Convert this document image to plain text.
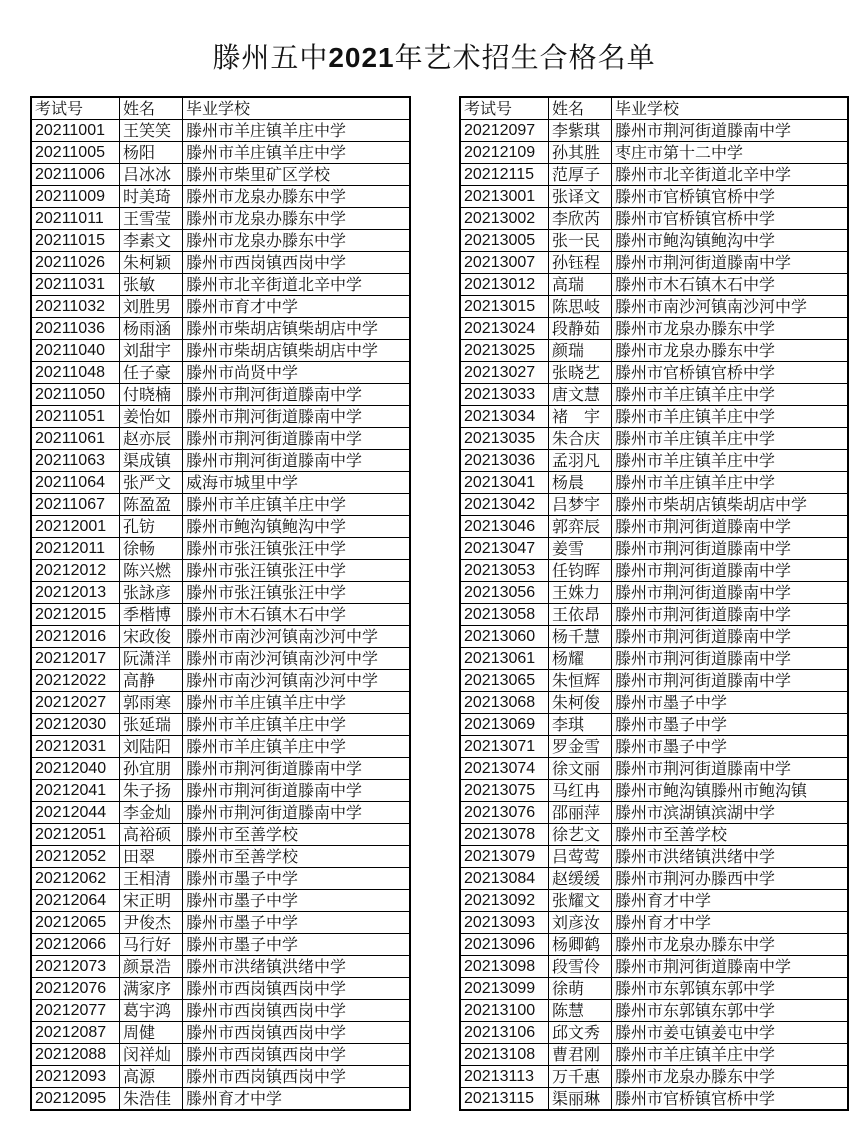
滕州五中2021年艺术招生合格名单
考试号	姓名	毕业学校
20211001	王笑笑	滕州市羊庄镇羊庄中学
20211005	杨阳	滕州市羊庄镇羊庄中学
20211006	吕冰冰	滕州市柴里矿区学校
20211009	时美琦	滕州市龙泉办滕东中学
20211011	王雪莹	滕州市龙泉办滕东中学
20211015	李素文	滕州市龙泉办滕东中学
20211026	朱柯颖	滕州市西岗镇西岗中学
20211031	张敏	滕州市北辛街道北辛中学
20211032	刘胜男	滕州市育才中学
20211036	杨雨涵	滕州市柴胡店镇柴胡店中学
20211040	刘甜宇	滕州市柴胡店镇柴胡店中学
20211048	任子豪	滕州市尚贤中学
20211050	付晓楠	滕州市荆河街道滕南中学
20211051	姜怡如	滕州市荆河街道滕南中学
20211061	赵亦辰	滕州市荆河街道滕南中学
20211063	渠成镇	滕州市荆河街道滕南中学
20211064	张严文	威海市城里中学
20211067	陈盈盈	滕州市羊庄镇羊庄中学
20212001	孔钫	滕州市鲍沟镇鲍沟中学
20212011	徐畅	滕州市张汪镇张汪中学
20212012	陈兴燃	滕州市张汪镇张汪中学
20212013	张詠彦	滕州市张汪镇张汪中学
20212015	季楷博	滕州市木石镇木石中学
20212016	宋政俊	滕州市南沙河镇南沙河中学
20212017	阮潇洋	滕州市南沙河镇南沙河中学
20212022	高静	滕州市南沙河镇南沙河中学
20212027	郭雨寒	滕州市羊庄镇羊庄中学
20212030	张延瑞	滕州市羊庄镇羊庄中学
20212031	刘陆阳	滕州市羊庄镇羊庄中学
20212040	孙宜朋	滕州市荆河街道滕南中学
20212041	朱子扬	滕州市荆河街道滕南中学
20212044	李金灿	滕州市荆河街道滕南中学
20212051	高裕硕	滕州市至善学校
20212052	田翠	滕州市至善学校
20212062	王相清	滕州市墨子中学
20212064	宋正明	滕州市墨子中学
20212065	尹俊杰	滕州市墨子中学
20212066	马行好	滕州市墨子中学
20212073	颜景浩	滕州市洪绪镇洪绪中学
20212076	满家序	滕州市西岗镇西岗中学
20212077	葛宇鸿	滕州市西岗镇西岗中学
20212087	周健	滕州市西岗镇西岗中学
20212088	闵祥灿	滕州市西岗镇西岗中学
20212093	高源	滕州市西岗镇西岗中学
20212095	朱浩佳	滕州育才中学
考试号	姓名	毕业学校
20212097	李紫琪	滕州市荆河街道滕南中学
20212109	孙其胜	枣庄市第十二中学
20212115	范厚子	滕州市北辛街道北辛中学
20213001	张译文	滕州市官桥镇官桥中学
20213002	李欣芮	滕州市官桥镇官桥中学
20213005	张一民	滕州市鲍沟镇鲍沟中学
20213007	孙钰程	滕州市荆河街道滕南中学
20213012	高瑞	滕州市木石镇木石中学
20213015	陈思岐	滕州市南沙河镇南沙河中学
20213024	段静茹	滕州市龙泉办滕东中学
20213025	颜瑞	滕州市龙泉办滕东中学
20213027	张晓艺	滕州市官桥镇官桥中学
20213033	唐文慧	滕州市羊庄镇羊庄中学
20213034	褚　宇	滕州市羊庄镇羊庄中学
20213035	朱合庆	滕州市羊庄镇羊庄中学
20213036	孟羽凡	滕州市羊庄镇羊庄中学
20213041	杨晨	滕州市羊庄镇羊庄中学
20213042	吕梦宇	滕州市柴胡店镇柴胡店中学
20213046	郭弈辰	滕州市荆河街道滕南中学
20213047	姜雪	滕州市荆河街道滕南中学
20213053	任钧晖	滕州市荆河街道滕南中学
20213056	王姝力	滕州市荆河街道滕南中学
20213058	王依昂	滕州市荆河街道滕南中学
20213060	杨千慧	滕州市荆河街道滕南中学
20213061	杨耀	滕州市荆河街道滕南中学
20213065	朱恒辉	滕州市荆河街道滕南中学
20213068	朱柯俊	滕州市墨子中学
20213069	李琪	滕州市墨子中学
20213071	罗金雪	滕州市墨子中学
20213074	徐文丽	滕州市荆河街道滕南中学
20213075	马红冉	滕州市鲍沟镇滕州市鲍沟镇
20213076	邵丽萍	滕州市滨湖镇滨湖中学
20213078	徐艺文	滕州市至善学校
20213079	吕莺莺	滕州市洪绪镇洪绪中学
20213084	赵缓缓	滕州市荆河办滕西中学
20213092	张耀文	滕州育才中学
20213093	刘彦汝	滕州育才中学
20213096	杨卿鹤	滕州市龙泉办滕东中学
20213098	段雪伶	滕州市荆河街道滕南中学
20213099	徐萌	滕州市东郭镇东郭中学
20213100	陈慧	滕州市东郭镇东郭中学
20213106	邱文秀	滕州市姜屯镇姜屯中学
20213108	曹君刚	滕州市羊庄镇羊庄中学
20213113	万千惠	滕州市龙泉办滕东中学
20213115	渠丽琳	滕州市官桥镇官桥中学
